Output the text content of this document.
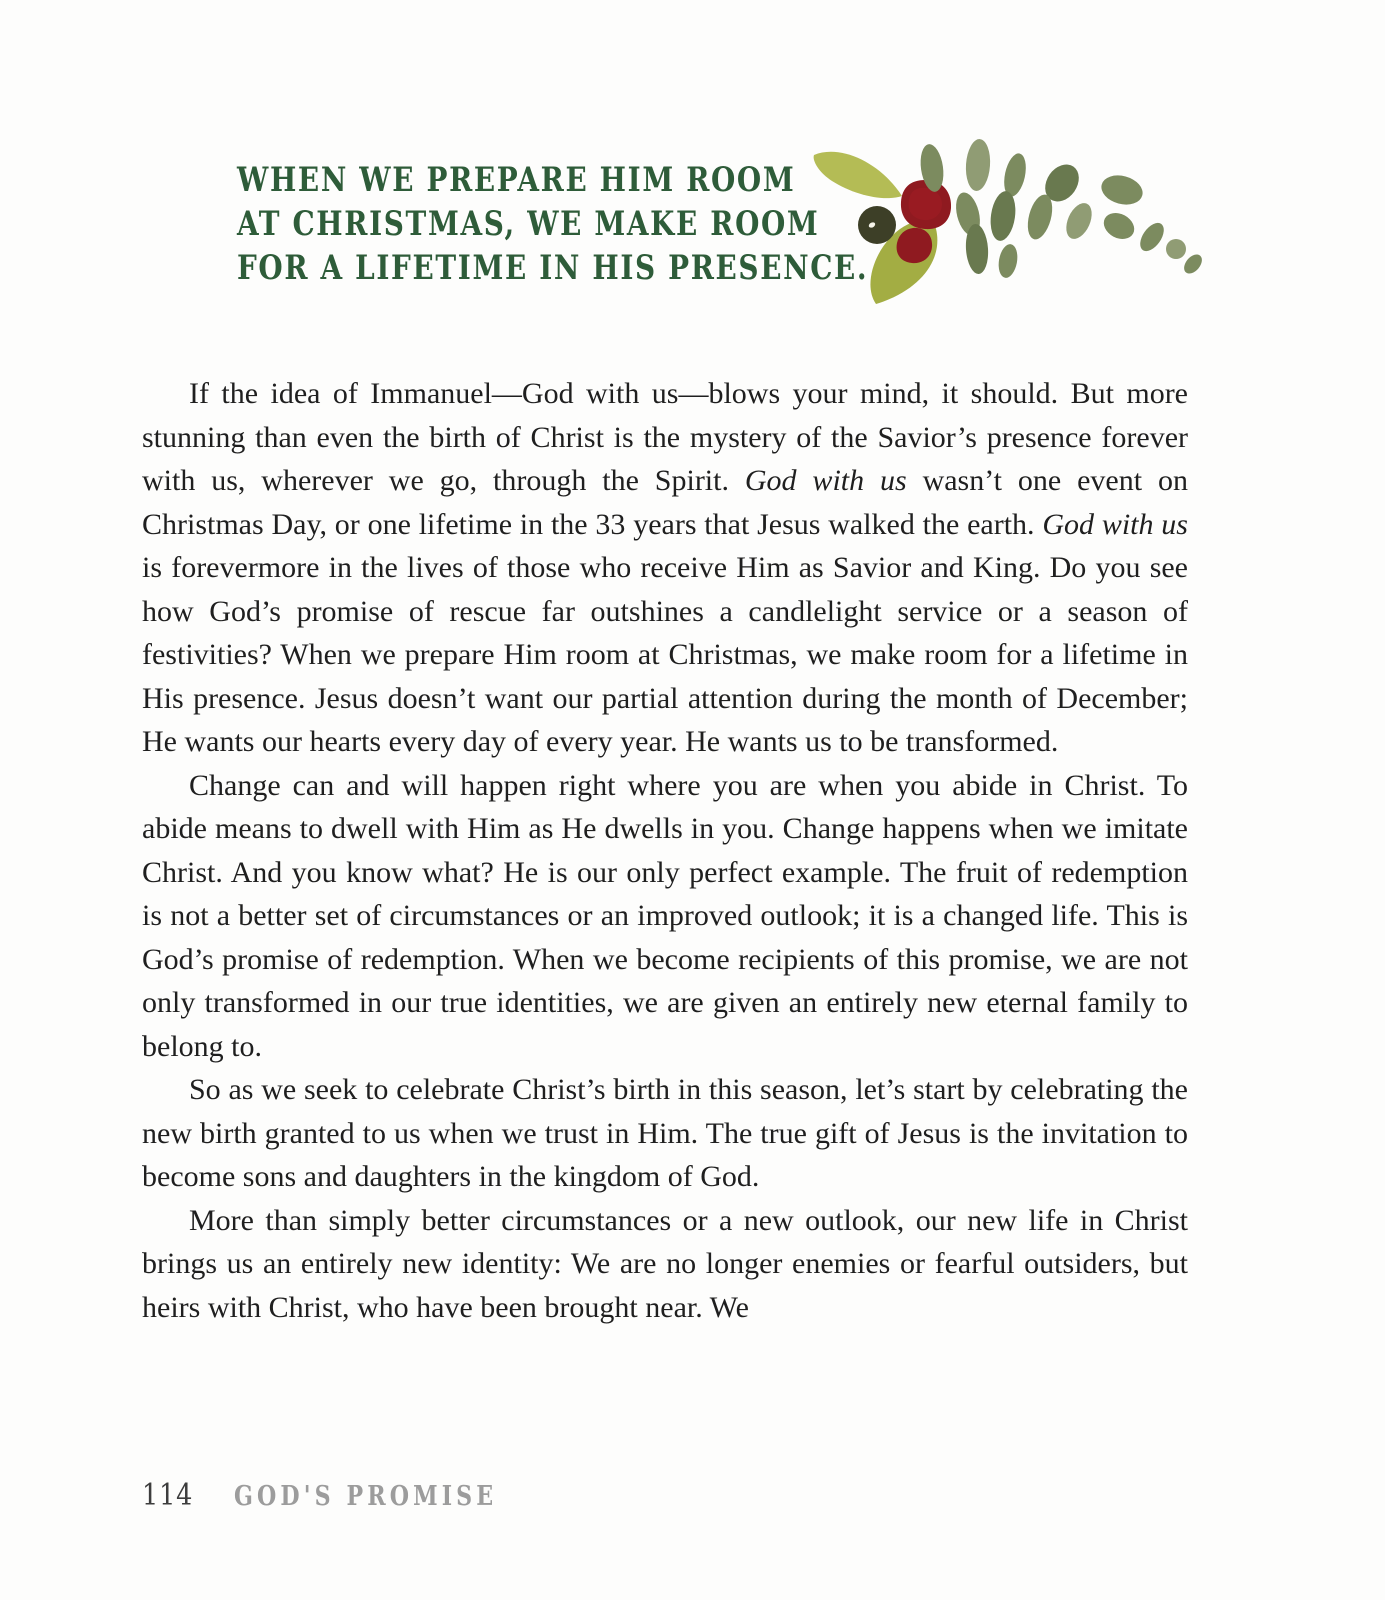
WHEN WE PREPARE HIM ROOM
AT CHRISTMAS, WE MAKE ROOM
FOR A LIFETIME IN HIS PRESENCE.

If the idea of Immanuel—God with us—blows your mind, it should. But more stunning than even the birth of Christ is the mystery of the Savior’s presence forever with us, wherever we go, through the Spirit. God with us wasn’t one event on Christmas Day, or one lifetime in the 33 years that Jesus walked the earth. God with us is forevermore in the lives of those who receive Him as Savior and King. Do you see how God’s promise of rescue far outshines a candlelight service or a season of festivities? When we prepare Him room at Christmas, we make room for a lifetime in His presence. Jesus doesn’t want our partial attention during the month of December; He wants our hearts every day of every year. He wants us to be transformed.

Change can and will happen right where you are when you abide in Christ. To abide means to dwell with Him as He dwells in you. Change happens when we imitate Christ. And you know what? He is our only perfect example. The fruit of redemption is not a better set of circumstances or an improved outlook; it is a changed life. This is God’s promise of redemption. When we become recipients of this promise, we are not only transformed in our true identities, we are given an entirely new eternal family to belong to.

So as we seek to celebrate Christ’s birth in this season, let’s start by celebrating the new birth granted to us when we trust in Him. The true gift of Jesus is the invitation to become sons and daughters in the kingdom of God.

More than simply better circumstances or a new outlook, our new life in Christ brings us an entirely new identity: We are no longer enemies or fearful outsiders, but heirs with Christ, who have been brought near. We

114 GOD'S PROMISE
